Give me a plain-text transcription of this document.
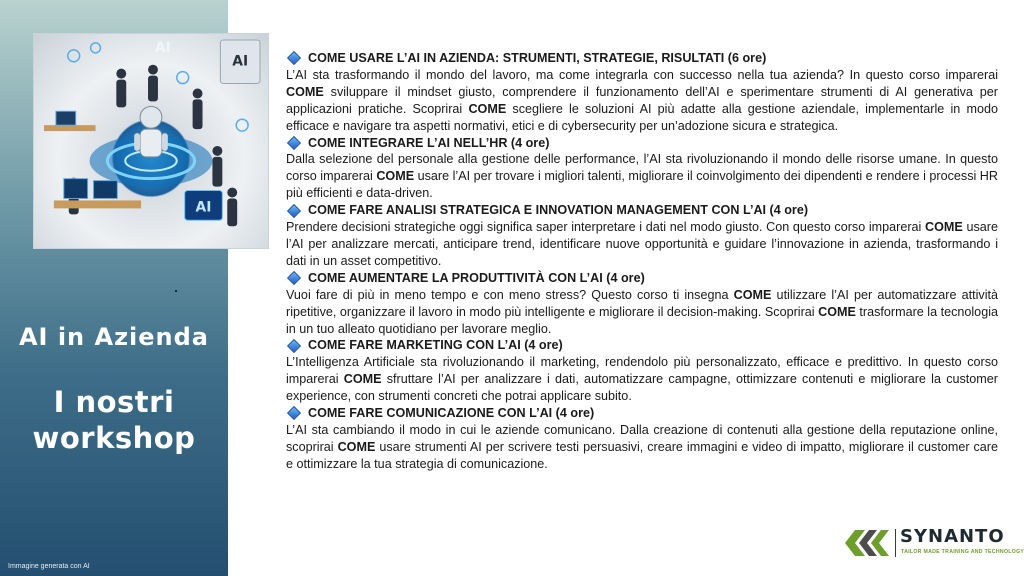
AI in Azienda
I nostri
workshop
Immagine generata con AI
AI
AI
AI
COME USARE L’AI IN AZIENDA: STRUMENTI, STRATEGIE, RISULTATI (6 ore)
L’AI sta trasformando il mondo del lavoro, ma come integrarla con successo nella tua azienda? In questo corso imparerai COME sviluppare il mindset giusto, comprendere il funzionamento dell’AI e sperimentare strumenti di AI generativa per applicazioni pratiche. Scoprirai COME scegliere le soluzioni AI più adatte alla gestione aziendale, implementarle in modo efficace e navigare tra aspetti normativi, etici e di cybersecurity per un’adozione sicura e strategica.
COME INTEGRARE L’AI NELL’HR (4 ore)
Dalla selezione del personale alla gestione delle performance, l’AI sta rivoluzionando il mondo delle risorse umane. In questo corso imparerai COME usare l’AI per trovare i migliori talenti, migliorare il coinvolgimento dei dipendenti e rendere i processi HR più efficienti e data-driven.
COME FARE ANALISI STRATEGICA E INNOVATION MANAGEMENT CON L’AI (4 ore)
Prendere decisioni strategiche oggi significa saper interpretare i dati nel modo giusto. Con questo corso imparerai COME usare l’AI per analizzare mercati, anticipare trend, identificare nuove opportunità e guidare l’innovazione in azienda, trasformando i dati in un asset competitivo.
COME AUMENTARE LA PRODUTTIVITÀ CON L’AI (4 ore)
Vuoi fare di più in meno tempo e con meno stress? Questo corso ti insegna COME utilizzare l’AI per automatizzare attività ripetitive, organizzare il lavoro in modo più intelligente e migliorare il decision-making. Scoprirai COME trasformare la tecnologia in un tuo alleato quotidiano per lavorare meglio.
COME FARE MARKETING CON L’AI (4 ore)
L’Intelligenza Artificiale sta rivoluzionando il marketing, rendendolo più personalizzato, efficace e predittivo. In questo corso imparerai COME sfruttare l’AI per analizzare i dati, automatizzare campagne, ottimizzare contenuti e migliorare la customer experience, con strumenti concreti che potrai applicare subito.
COME FARE COMUNICAZIONE CON L’AI (4 ore)
L’AI sta cambiando il modo in cui le aziende comunicano. Dalla creazione di contenuti alla gestione della reputazione online, scoprirai COME usare strumenti AI per scrivere testi persuasivi, creare immagini e video di impatto, migliorare il customer care e ottimizzare la tua strategia di comunicazione.
SYNANTO
TAILOR MADE TRAINING AND TECHNOLOGY
